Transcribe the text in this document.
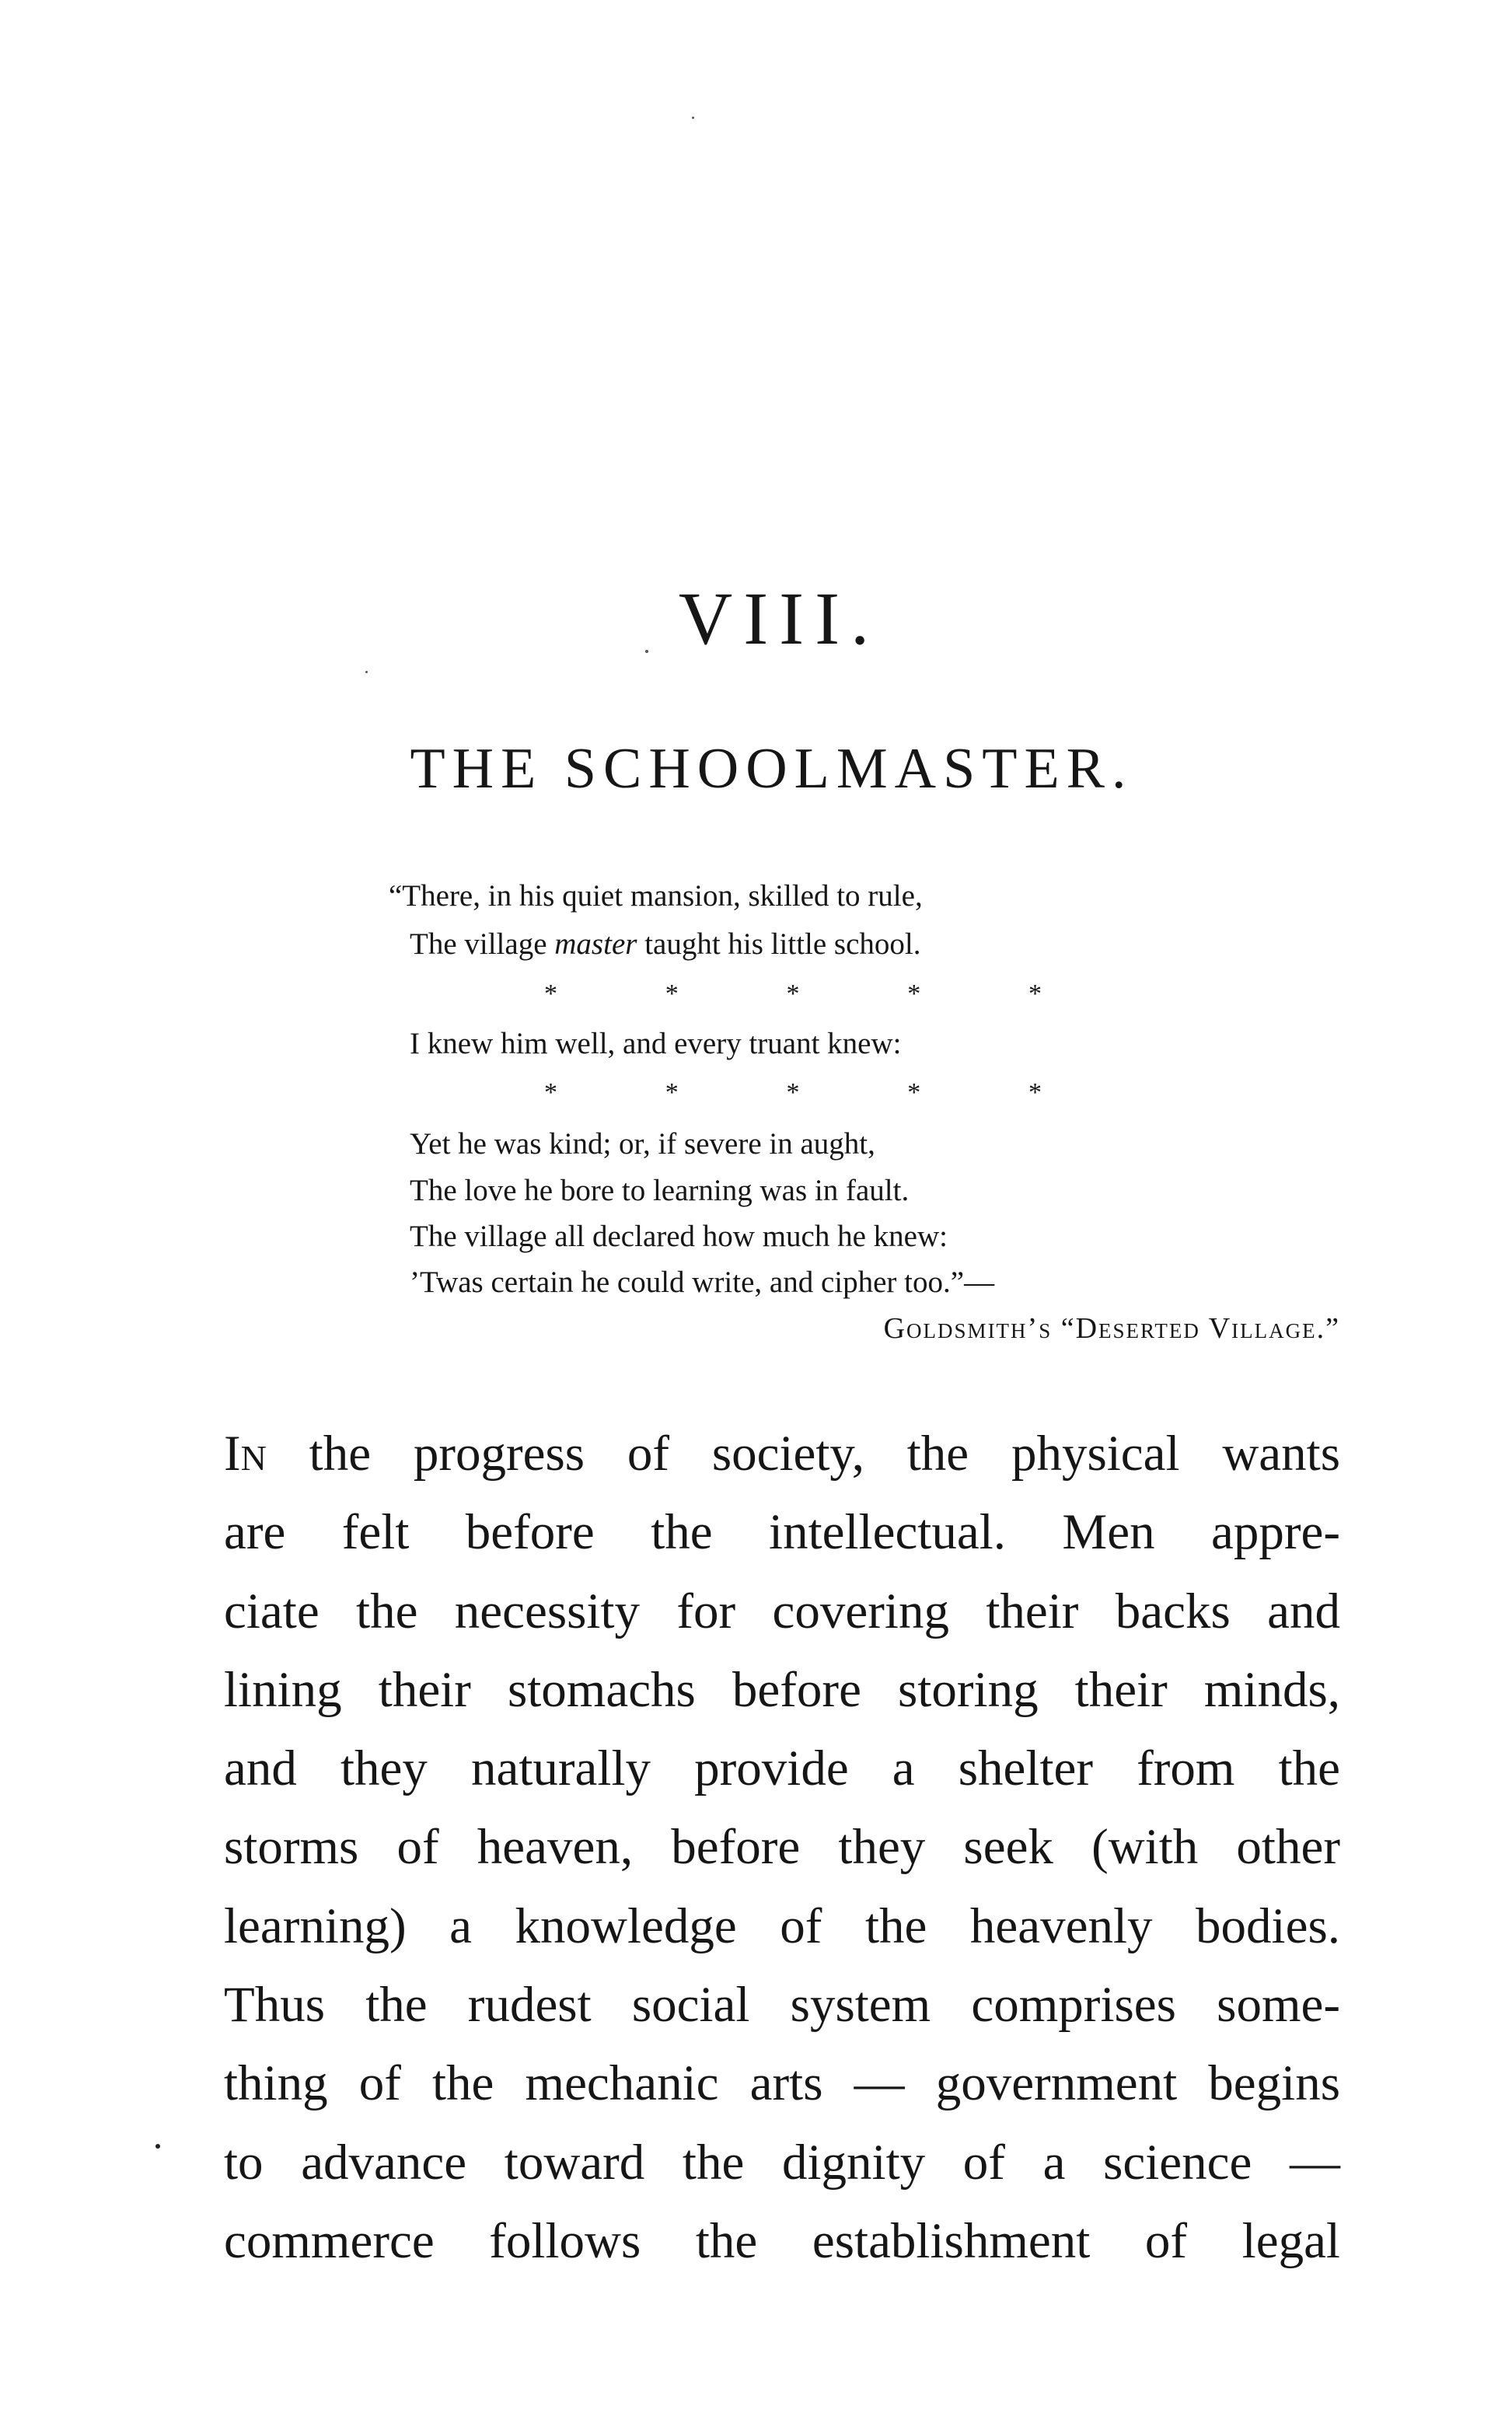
VIII.
THE SCHOOLMASTER.
“There, in his quiet mansion, skilled to rule,
The village master taught his little school.
*	*	*	*	*
I knew him well, and every truant knew:
*	*	*	*	*
Yet he was kind; or, if severe in aught,
The love he bore to learning was in fault.
The village all declared how much he knew:
’Twas certain he could write, and cipher too.”—
Goldsmith’s “Deserted Village.”
In the progress of society, the physical wants
are felt before the intellectual. Men appre-
ciate the necessity for covering their backs and
lining their stomachs before storing their minds,
and they naturally provide a shelter from the
storms of heaven, before they seek (with other
learning) a knowledge of the heavenly bodies.
Thus the rudest social system comprises some-
thing of the mechanic arts — government begins
to advance toward the dignity of a science —
commerce follows the establishment of legal
